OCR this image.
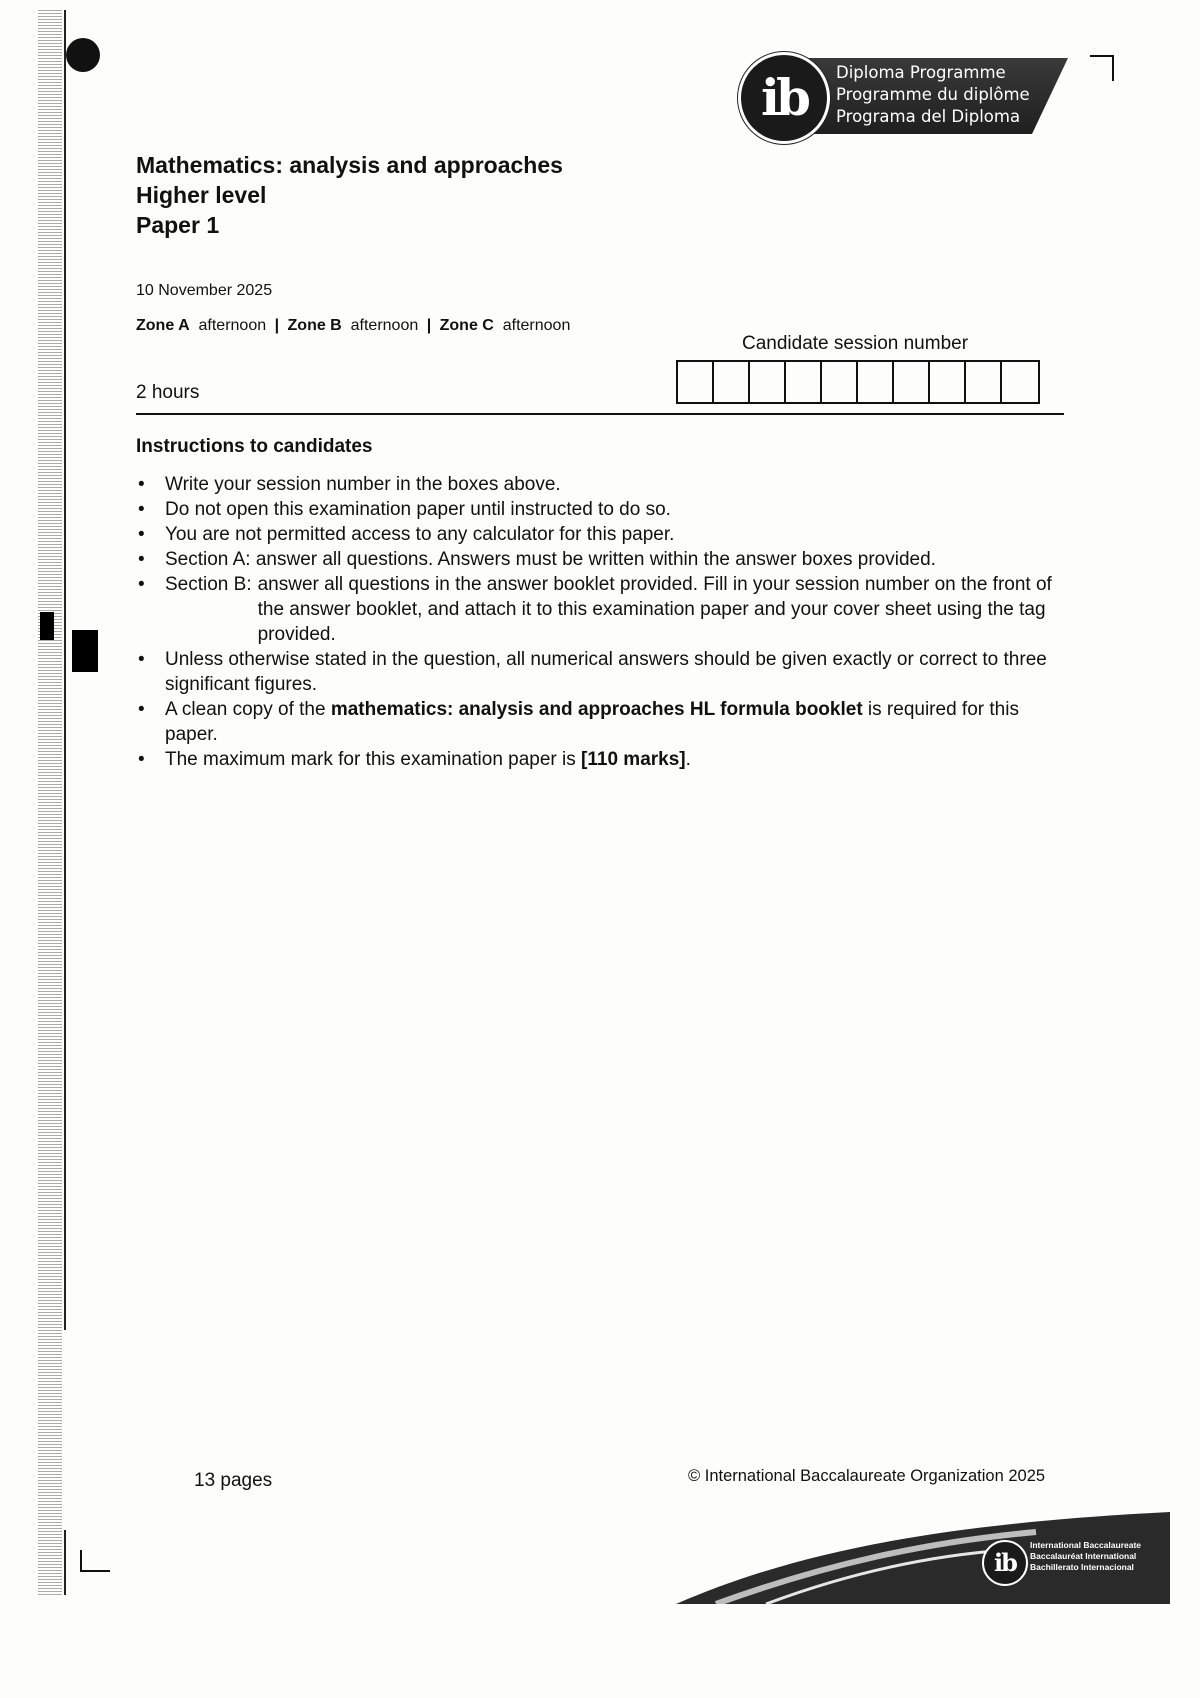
ib	Diploma Programme
Programme du diplôme
Programa del Diploma
Mathematics: analysis and approaches
Higher level
Paper 1
10 November 2025
Zone A afternoon | Zone B afternoon | Zone C afternoon
Candidate session number
2 hours
Instructions to candidates
• Write your session number in the boxes above.
• Do not open this examination paper until instructed to do so.
• You are not permitted access to any calculator for this paper.
• Section A: answer all questions. Answers must be written within the answer boxes provided.
• Section B: answer all questions in the answer booklet provided. Fill in your session number on the front of the answer booklet, and attach it to this examination paper and your cover sheet using the tag provided.
• Unless otherwise stated in the question, all numerical answers should be given exactly or correct to three significant figures.
• A clean copy of the mathematics: analysis and approaches HL formula booklet is required for this paper.
• The maximum mark for this examination paper is [110 marks].
13 pages	© International Baccalaureate Organization 2025
ib
International Baccalaureate
Baccalauréat International
Bachillerato Internacional
